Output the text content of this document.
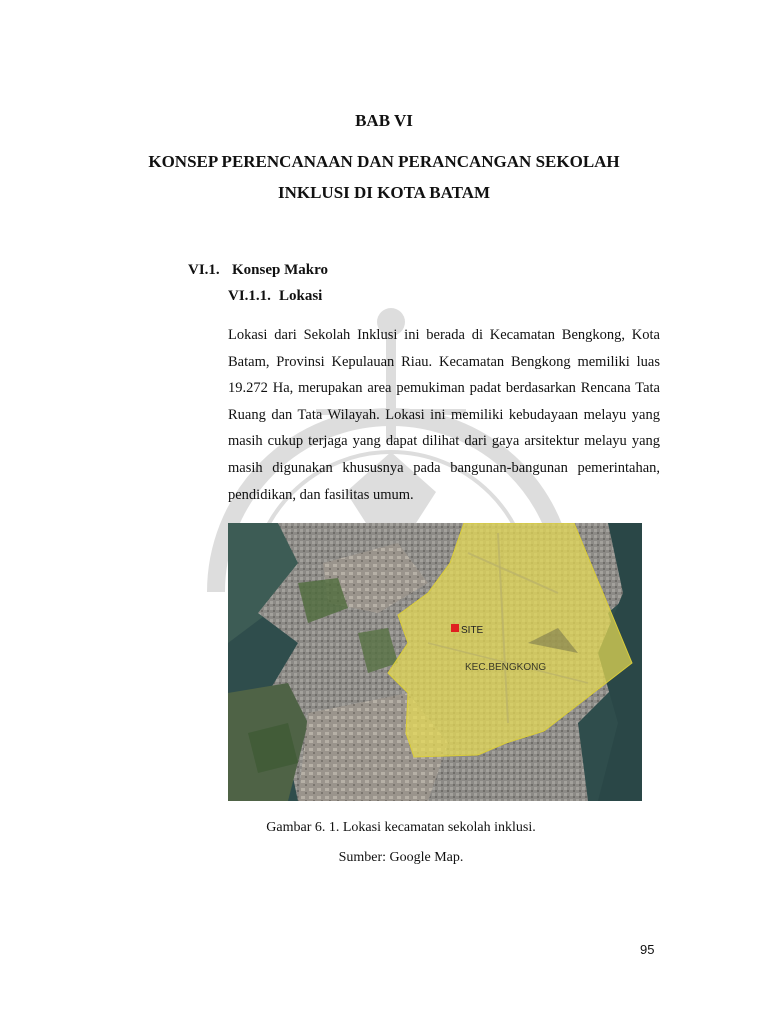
BAB VI
KONSEP PERENCANAAN DAN PERANCANGAN SEKOLAH
INKLUSI DI KOTA BATAM
VI.1. Konsep Makro
VI.1.1. Lokasi

Lokasi dari Sekolah Inklusi ini berada di Kecamatan Bengkong, Kota
Batam, Provinsi Kepulauan Riau. Kecamatan Bengkong memiliki luas
19.272 Ha, merupakan area pemukiman padat berdasarkan Rencana Tata
Ruang dan Tata Wilayah. Lokasi ini memiliki kebudayaan melayu yang
masih cukup terjaga yang dapat dilihat dari gaya arsitektur melayu yang
masih digunakan khususnya pada bangunan-bangunan pemerintahan,
pendidikan, dan fasilitas umum.

SITE
KEC.BENGKONG
Gambar 6. 1. Lokasi kecamatan sekolah inklusi.
Sumber: Google Map.
95
